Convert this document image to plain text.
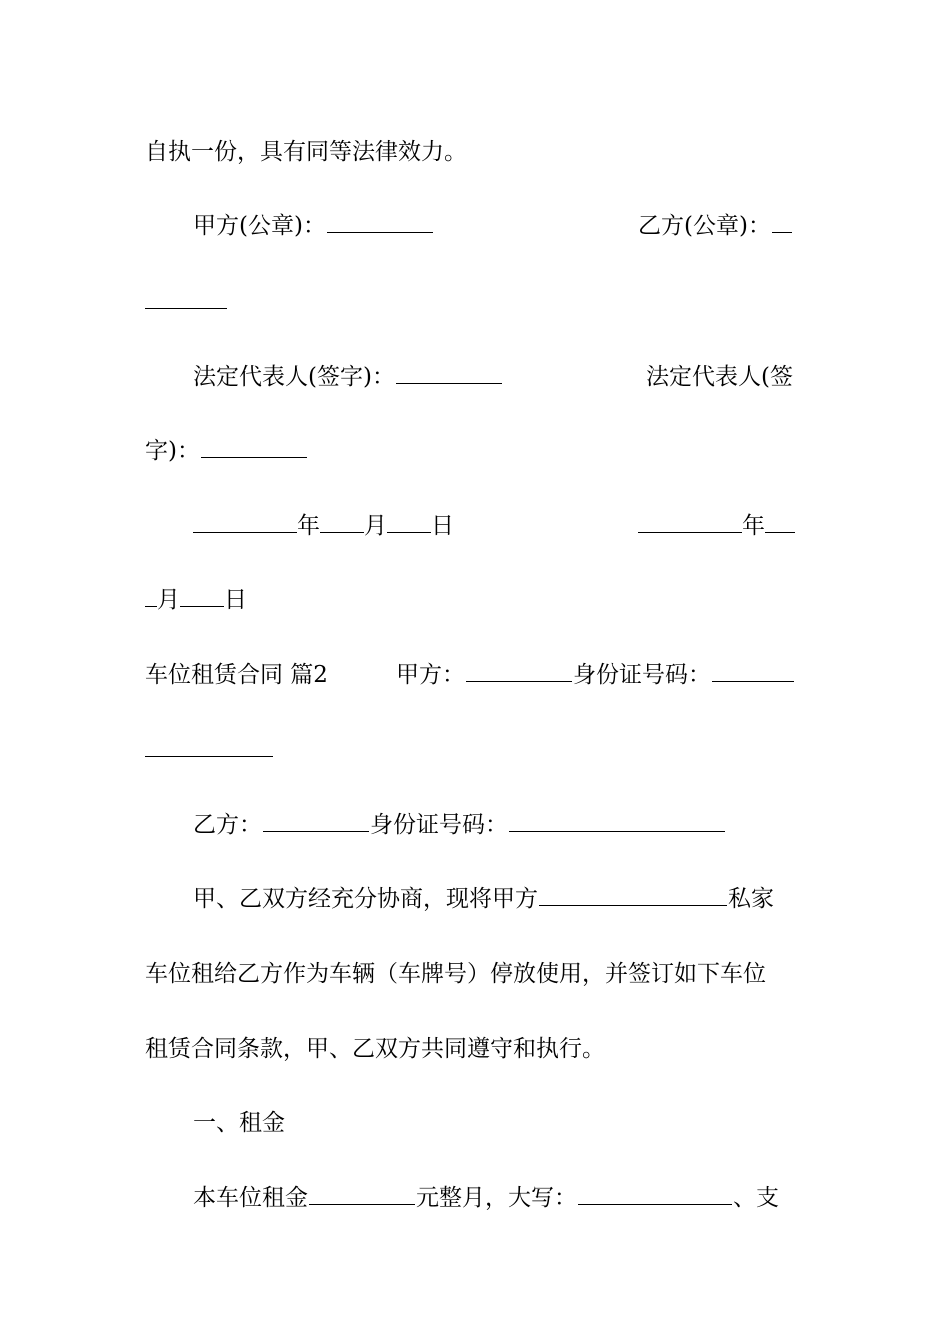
自执一份，具有同等法律效力。
甲方(公章)：	乙方(公章)：
法定代表人(签字)：	法定代表人(签
字)：
年 月 日	年
月 日
车位租赁合同 篇2	甲方：	身份证号码：
乙方：	身份证号码：
甲、乙双方经充分协商，现将甲方	私家
车位租给乙方作为车辆（车牌号）停放使用，并签订如下车位
租赁合同条款，甲、乙双方共同遵守和执行。
一、租金
本车位租金	元整月，大写：	、支
